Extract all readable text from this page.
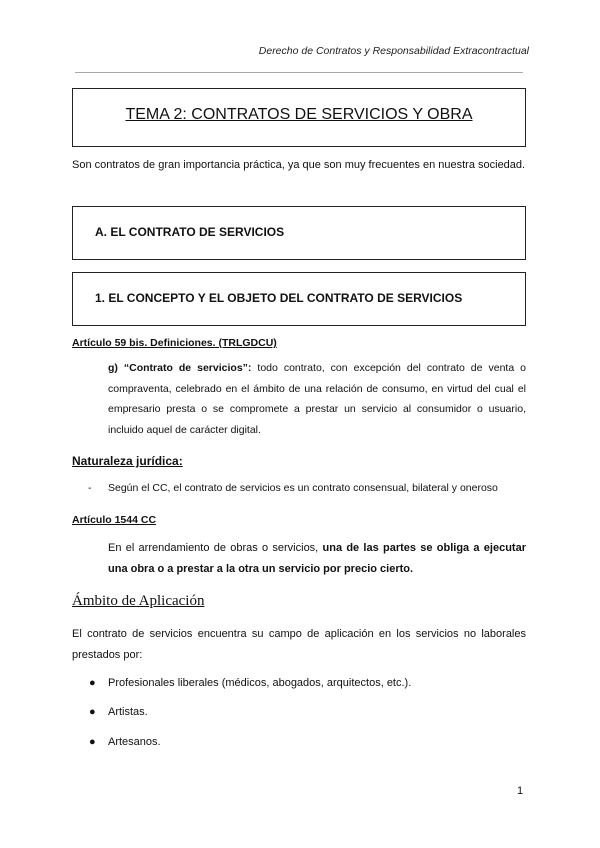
Derecho de Contratos y Responsabilidad Extracontractual
TEMA 2: CONTRATOS DE SERVICIOS Y OBRA
Son contratos de gran importancia práctica, ya que son muy frecuentes en nuestra sociedad.
A. EL CONTRATO DE SERVICIOS
1. EL CONCEPTO Y EL OBJETO DEL CONTRATO DE SERVICIOS
Artículo 59 bis. Definiciones. (TRLGDCU)
g) “Contrato de servicios”: todo contrato, con excepción del contrato de venta o compraventa, celebrado en el ámbito de una relación de consumo, en virtud del cual el empresario presta o se compromete a prestar un servicio al consumidor o usuario, incluido aquel de carácter digital.
Naturaleza jurídica:
- Según el CC, el contrato de servicios es un contrato consensual, bilateral y oneroso
Artículo 1544 CC
En el arrendamiento de obras o servicios, una de las partes se obliga a ejecutar una obra o a prestar a la otra un servicio por precio cierto.
Ámbito de Aplicación
El contrato de servicios encuentra su campo de aplicación en los servicios no laborales prestados por:
● Profesionales liberales (médicos, abogados, arquitectos, etc.).
● Artistas.
● Artesanos.
1
